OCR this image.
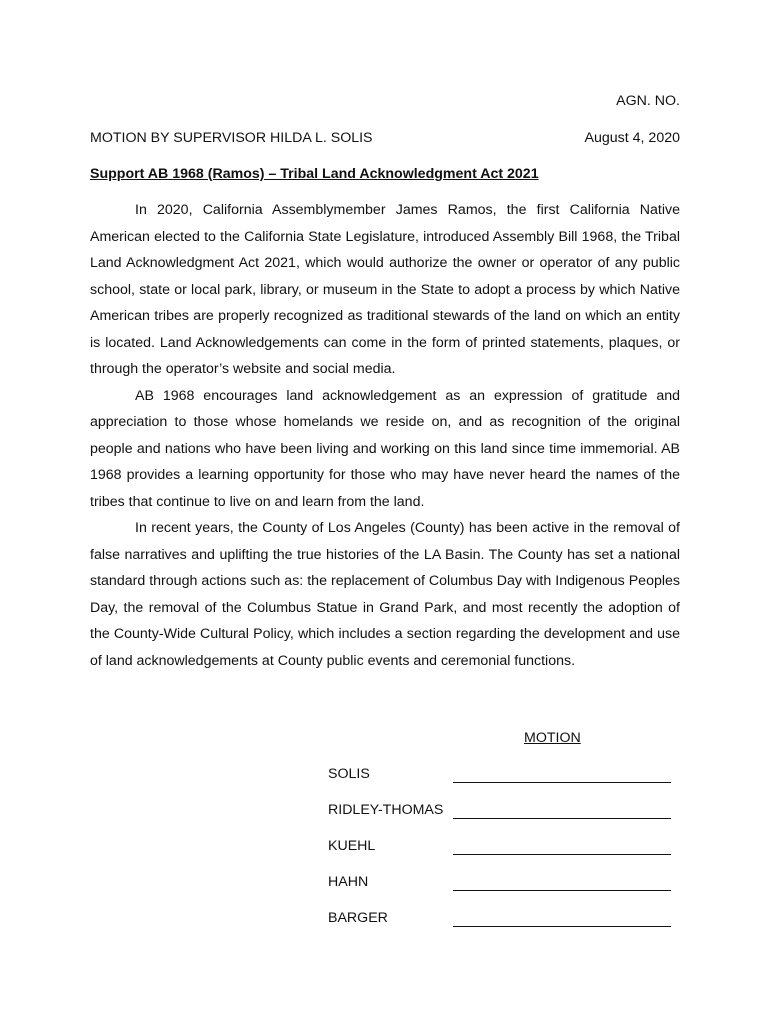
AGN. NO.

MOTION BY SUPERVISOR HILDA L. SOLIS	August 4, 2020
Support AB 1968 (Ramos) – Tribal Land Acknowledgment Act 2021

In 2020, California Assemblymember James Ramos, the first California Native American elected to the California State Legislature, introduced Assembly Bill 1968, the Tribal Land Acknowledgment Act 2021, which would authorize the owner or operator of any public school, state or local park, library, or museum in the State to adopt a process by which Native American tribes are properly recognized as traditional stewards of the land on which an entity is located. Land Acknowledgements can come in the form of printed statements, plaques, or through the operator’s website and social media.

AB 1968 encourages land acknowledgement as an expression of gratitude and appreciation to those whose homelands we reside on, and as recognition of the original people and nations who have been living and working on this land since time immemorial. AB 1968 provides a learning opportunity for those who may have never heard the names of the tribes that continue to live on and learn from the land.

In recent years, the County of Los Angeles (County) has been active in the removal of false narratives and uplifting the true histories of the LA Basin. The County has set a national standard through actions such as: the replacement of Columbus Day with Indigenous Peoples Day, the removal of the Columbus Statue in Grand Park, and most recently the adoption of the County-Wide Cultural Policy, which includes a section regarding the development and use of land acknowledgements at County public events and ceremonial functions.

MOTION
SOLIS
RIDLEY-THOMAS
KUEHL
HAHN
BARGER
